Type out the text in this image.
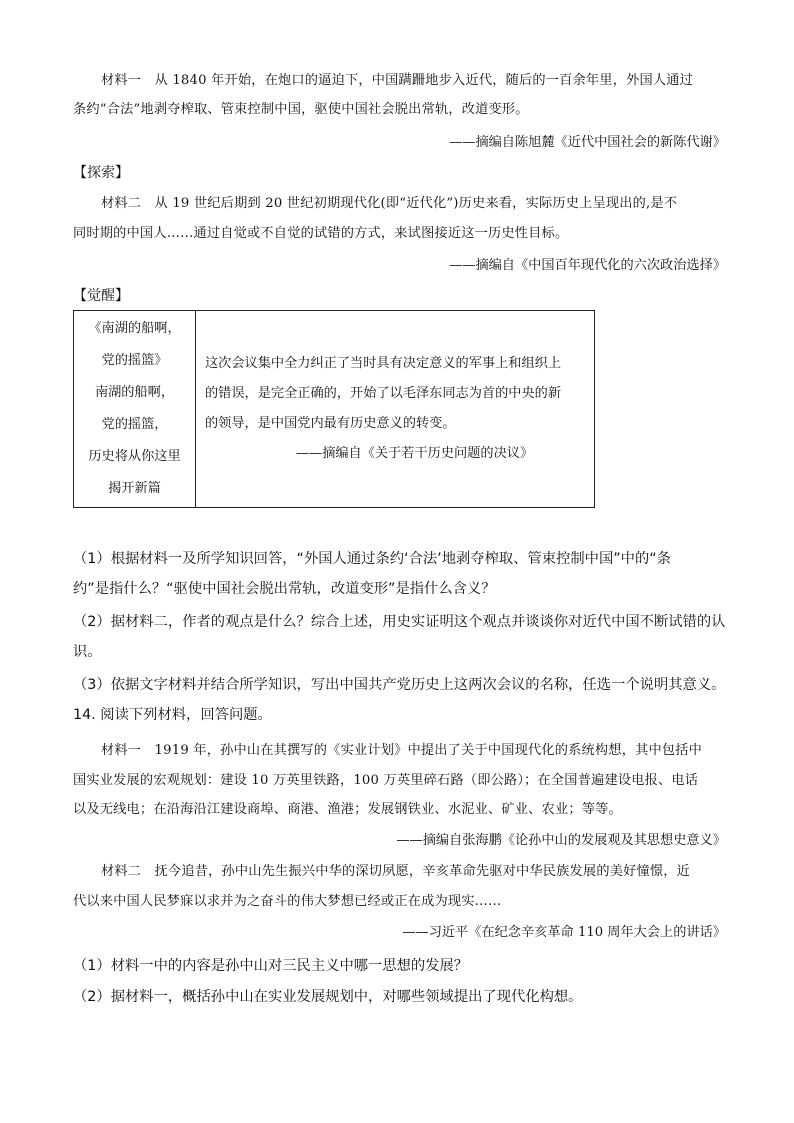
材料一　从 1840 年开始，在炮口的逼迫下，中国蹒跚地步入近代，随后的一百余年里，外国人通过
条约“合法”地剥夺榨取、管束控制中国，驱使中国社会脱出常轨，改道变形。
——摘编自陈旭麓《近代中国社会的新陈代谢》
【探索】
材料二　从 19 世纪后期到 20 世纪初期现代化(即“近代化”)历史来看，实际历史上呈现出的,是不
同时期的中国人……通过自觉或不自觉的试错的方式，来试图接近这一历史性目标。
——摘编自《中国百年现代化的六次政治选择》
【觉醒】
《南湖的船啊，
党的摇篮》
南湖的船啊，
党的摇篮，
历史将从你这里
揭开新篇

这次会议集中全力纠正了当时具有决定意义的军事上和组织上
的错误，是完全正确的，开始了以毛泽东同志为首的中央的新
的领导，是中国党内最有历史意义的转变。
——摘编自《关于若干历史问题的决议》
（1）根据材料一及所学知识回答，“外国人通过条约‘合法’地剥夺榨取、管束控制中国”中的“条
约”是指什么？“驱使中国社会脱出常轨，改道变形”是指什么含义？
（2）据材料二，作者的观点是什么？综合上述，用史实证明这个观点并谈谈你对近代中国不断试错的认
识。
（3）依据文字材料并结合所学知识，写出中国共产党历史上这两次会议的名称，任选一个说明其意义。
14. 阅读下列材料，回答问题。
材料一　1919 年，孙中山在其撰写的《实业计划》中提出了关于中国现代化的系统构想，其中包括中
国实业发展的宏观规划：建设 10 万英里铁路，100 万英里碎石路（即公路）；在全国普遍建设电报、电话
以及无线电；在沿海沿江建设商埠、商港、渔港；发展钢铁业、水泥业、矿业、农业；等等。
——摘编自张海鹏《论孙中山的发展观及其思想史意义》
材料二　抚今追昔，孙中山先生振兴中华的深切夙愿，辛亥革命先驱对中华民族发展的美好憧憬，近
代以来中国人民梦寐以求并为之奋斗的伟大梦想已经或正在成为现实……
——习近平《在纪念辛亥革命 110 周年大会上的讲话》
（1）材料一中的内容是孙中山对三民主义中哪一思想的发展？
（2）据材料一，概括孙中山在实业发展规划中，对哪些领域提出了现代化构想。
